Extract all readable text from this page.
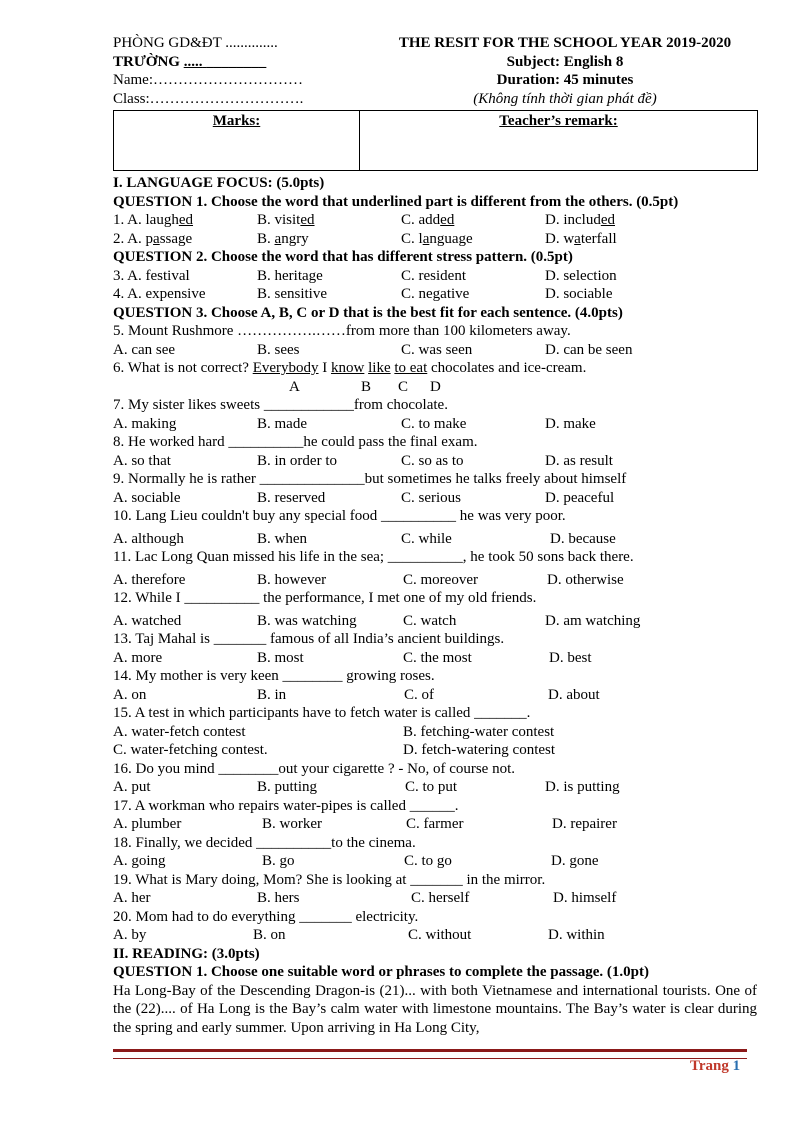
PHÒNG GD&ĐT ..............
TRƯỜNG ..... ________
Name:…………………………
Class:………………………….
THE RESIT FOR THE SCHOOL YEAR 2019-2020
Subject: English 8
Duration: 45 minutes
(Không tính thời gian phát đề)
Marks:	Teacher’s remark:
I. LANGUAGE FOCUS: (5.0pts)
QUESTION 1. Choose the word that underlined part is different from the others. (0.5pt)
1. A. laughed	B. visited	C. added	D. included
2. A. passage	B. angry	C. language	D. waterfall
QUESTION 2. Choose the word that has different stress pattern. (0.5pt)
3. A. festival	B. heritage	C. resident	D. selection
4. A. expensive	B. sensitive	C. negative	D. sociable
QUESTION 3. Choose A, B, C or D that is the best fit for each sentence. (4.0pts)
5. Mount Rushmore …………….……from more than 100 kilometers away.
A. can see	B. sees	C. was seen	D. can be seen
6. What is not correct? Everybody I know like to eat chocolates and ice-cream.
A	B C D
7. My sister likes sweets ____________from chocolate.
A. making	B. made	C. to make	D. make
8. He worked hard __________he could pass the final exam.
A. so that	B. in order to	C. so as to	D. as result
9. Normally he is rather ______________but sometimes he talks freely about himself
A. sociable	B. reserved	C. serious	D. peaceful
10. Lang Lieu couldn't buy any special food __________ he was very poor.
A. although	B. when	C. while	D. because
11. Lac Long Quan missed his life in the sea; __________, he took 50 sons back there.
A. therefore	B. however	C. moreover	D. otherwise
12. While I __________ the performance, I met one of my old friends.
A. watched	B. was watching	C. watch	D. am watching
13. Taj Mahal is _______ famous of all India’s ancient buildings.
A. more	B. most	C. the most	D. best
14. My mother is very keen ________ growing roses.
A. on	B. in	C. of	D. about
15. A test in which participants have to fetch water is called _______.
A. water-fetch contest	B. fetching-water contest
C. water-fetching contest.	D. fetch-watering contest
16. Do you mind ________out your cigarette ? - No, of course not.
A. put	B. putting	C. to put	D. is putting
17. A workman who repairs water-pipes is called ______.
A. plumber	B. worker	C. farmer	D. repairer
18. Finally, we decided __________to the cinema.
A. going	B. go	C. to go	D. gone
19. What is Mary doing, Mom? She is looking at _______ in the mirror.
A. her	B. hers	C. herself	D. himself
20. Mom had to do everything _______ electricity.
A. by	B. on	C. without	D. within
II. READING: (3.0pts)
QUESTION 1. Choose one suitable word or phrases to complete the passage. (1.0pt)

Ha Long-Bay of the Descending Dragon-is (21)... with both Vietnamese and international tourists. One of the (22).... of Ha Long is the Bay’s calm water with limestone mountains. The Bay’s water is clear during the spring and early summer. Upon arriving in Ha Long City,

Trang 1
